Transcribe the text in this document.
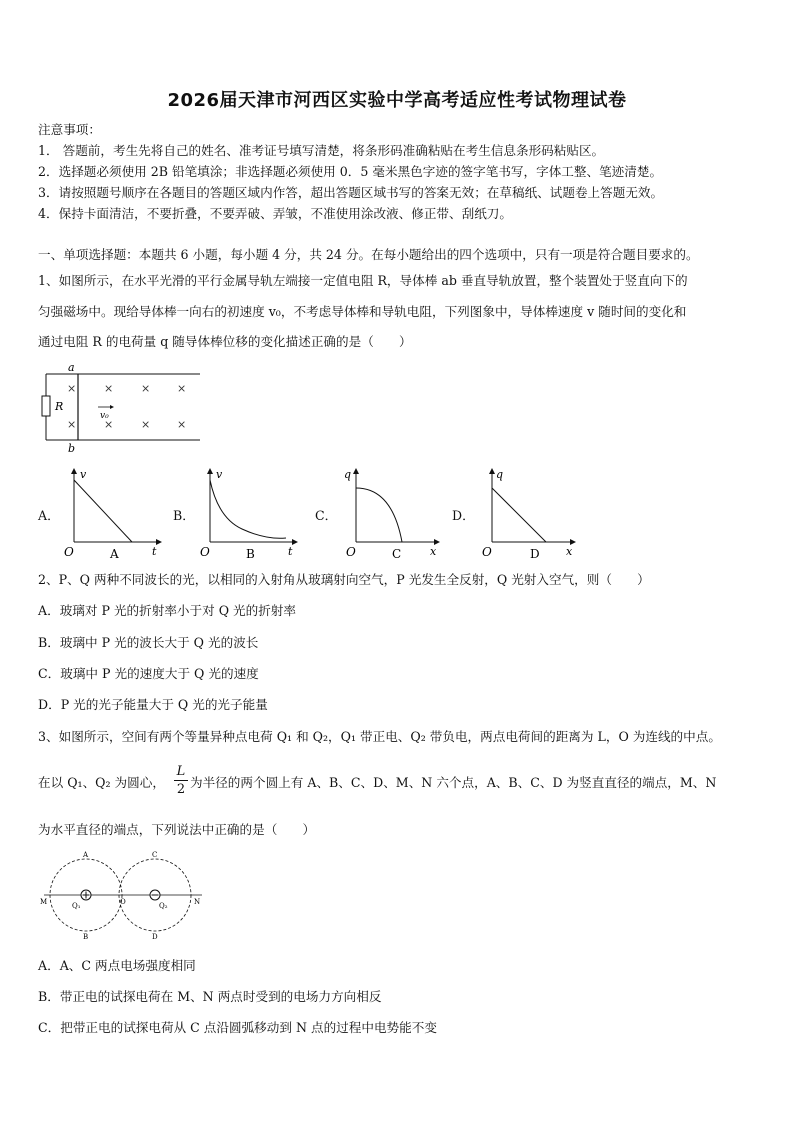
2026届天津市河西区实验中学高考适应性考试物理试卷
注意事项：
1． 答题前，考生先将自己的姓名、准考证号填写清楚，将条形码准确粘贴在考生信息条形码粘贴区。
2．选择题必须使用 2B 铅笔填涂；非选择题必须使用 0．5 毫米黑色字迹的签字笔书写，字体工整、笔迹清楚。
3．请按照题号顺序在各题目的答题区域内作答，超出答题区域书写的答案无效；在草稿纸、试题卷上答题无效。
4．保持卡面清洁，不要折叠，不要弄破、弄皱，不准使用涂改液、修正带、刮纸刀。
一、单项选择题：本题共 6 小题，每小题 4 分，共 24 分。在每小题给出的四个选项中，只有一项是符合题目要求的。
1、如图所示，在水平光滑的平行金属导轨左端接一定值电阻 R，导体棒 ab 垂直导轨放置，整个装置处于竖直向下的
匀强磁场中。现给导体棒一向右的初速度 v₀，不考虑导体棒和导轨电阻，下列图象中，导体棒速度 v 随时间的变化和
通过电阻 R 的电荷量 q 随导体棒位移的变化描述正确的是（　　）
a
b
R
v₀
×	×	× ×
×	×	× ×
A．
v
t
O	A
B．
v
t
O	B
C．
q
x
O	C
D．
q
x
O	D
2、P、Q 两种不同波长的光，以相同的入射角从玻璃射向空气，P 光发生全反射，Q 光射入空气，则（　　）
A．玻璃对 P 光的折射率小于对 Q 光的折射率
B．玻璃中 P 光的波长大于 Q 光的波长
C．玻璃中 P 光的速度大于 Q 光的速度
D．P 光的光子能量大于 Q 光的光子能量
3、如图所示，空间有两个等量异种点电荷 Q₁ 和 Q₂，Q₁ 带正电、Q₂ 带负电，两点电荷间的距离为 L，O 为连线的中点。
在以 Q₁、Q₂ 为圆心，
L
2 为半径的两个圆上有 A、B、C、D、M、N 六个点，A、B、C、D 为竖直直径的端点，M、N
为水平直径的端点，下列说法中正确的是（　　）
A
B
C
D
M	N
O
Q₁	Q₂
A．A、C 两点电场强度相同
B．带正电的试探电荷在 M、N 两点时受到的电场力方向相反
C．把带正电的试探电荷从 C 点沿圆弧移动到 N 点的过程中电势能不变
